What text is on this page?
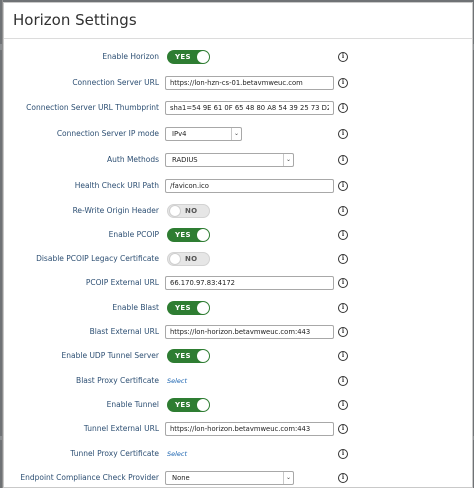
Horizon Settings
Enable Horizon YES	i
Connection Server URL
https://lon-hzn-cs-01.betavmweuc.com	i
Connection Server URL Thumbprint
sha1=54 9E 61 0F 65 48 80 A8 54 39 25 73 D2 27 C	i
Connection Server IP mode	IPv4	⌄	i
Auth Methods	RADIUS	⌄	i
Health Check URI Path
/favicon.ico	i
Re-Write Origin Header	NO	i
Enable PCOIP YES	i
Disable PCOIP Legacy Certificate	NO	i
PCOIP External URL
66.170.97.83:4172	i
Enable Blast YES	i
Blast External URL
https://lon-horizon.betavmweuc.com:443	i
Enable UDP Tunnel Server YES	i
Blast Proxy Certificate Select	i
Enable Tunnel YES	i
Tunnel External URL
https://lon-horizon.betavmweuc.com:443	i
Tunnel Proxy Certificate Select	i
Endpoint Compliance Check Provider	None	⌄	i
